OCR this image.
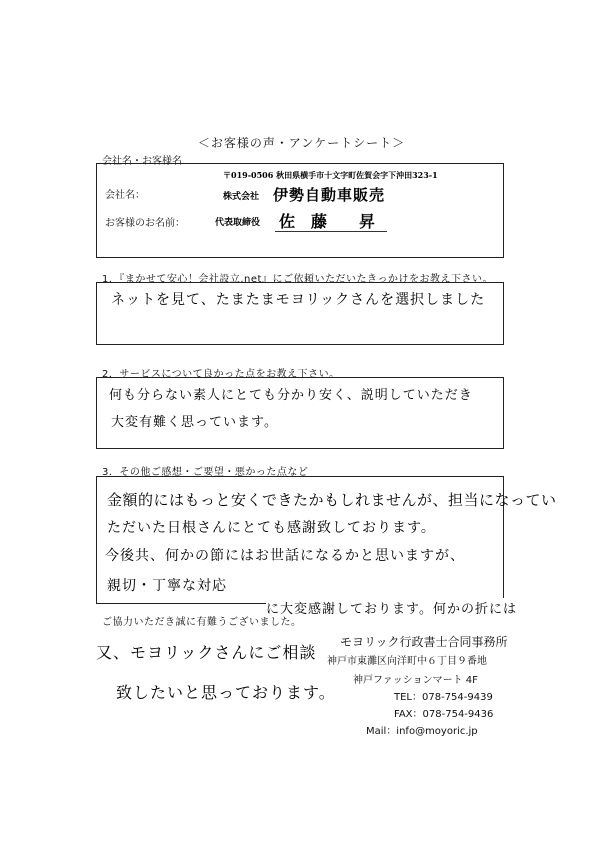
＜お客様の声・アンケートシート＞
会社名・お客様名
会社名：
お客様のお名前：
〒019-0506 秋田県横手市十文字町佐賀会字下沖田323-1
株式会社 伊勢自動車販売
代表取締役 佐　藤　　昇
1．『まかせて安心！会社設立.net』にご依頼いただいたきっかけをお教え下さい。
ネットを見て、たまたまモヨリックさんを選択しました
2．サービスについて良かった点をお教え下さい。
何も分らない素人にとても分かり安く、説明していただき
大変有難く思っています。
3．その他ご感想・ご要望・悪かった点など
金額的にはもっと安くできたかもしれませんが、担当になってい
ただいた日根さんにとても感謝致しております。
今後共、何かの節にはお世話になるかと思いますが、
親切・丁寧な対応
に大変感謝しております。何かの折には
ご協力いただき誠に有難うございました。
又、モヨリックさんにご相談
致したいと思っております。
モヨリック行政書士合同事務所
神戸市東灘区向洋町中６丁目９番地
神戸ファッションマート 4F
TEL：078-754-9439
FAX：078-754-9436
Mail：info@moyoric.jp
